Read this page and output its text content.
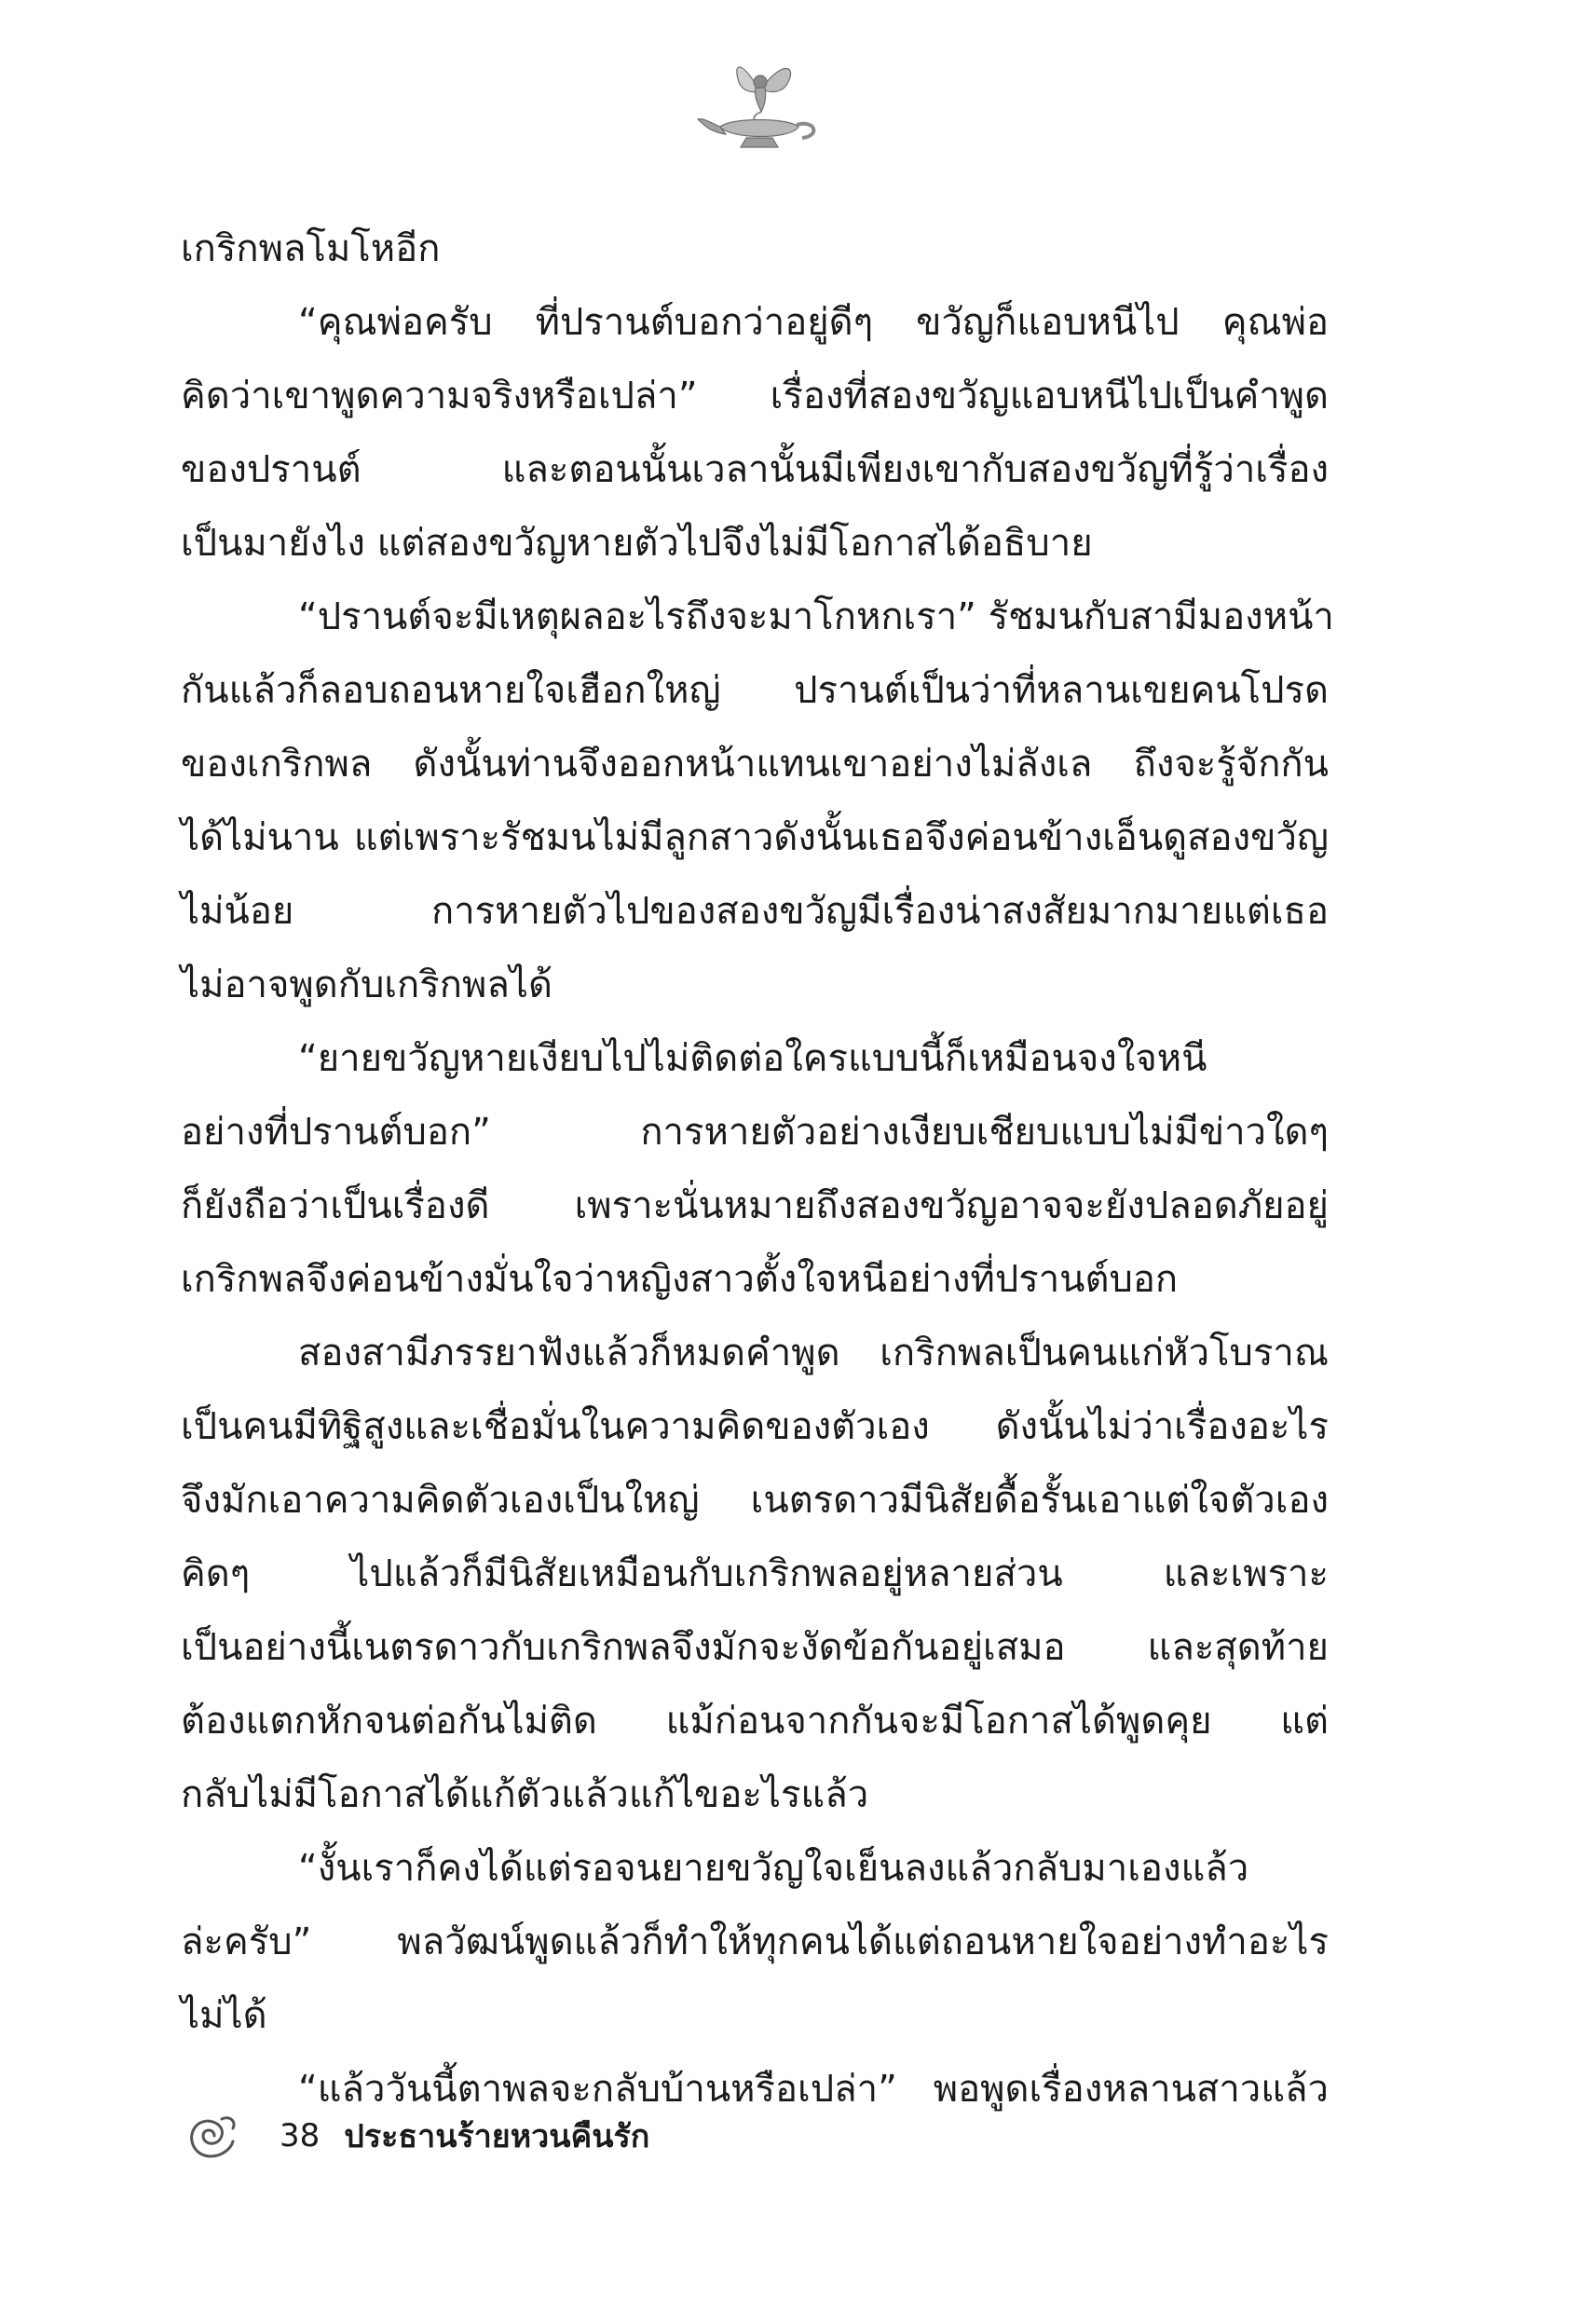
เกริกพลโมโหอีก
“คุณพ่อครับ ที่ปรานต์บอกว่าอยู่ดีๆ ขวัญก็แอบหนีไป คุณพ่อ
คิดว่าเขาพูดความจริงหรือเปล่า” เรื่องที่สองขวัญแอบหนีไปเป็นคำพูด
ของปรานต์ และตอนนั้นเวลานั้นมีเพียงเขากับสองขวัญที่รู้ว่าเรื่อง
เป็นมายังไง แต่สองขวัญหายตัวไปจึงไม่มีโอกาสได้อธิบาย
“ปรานต์จะมีเหตุผลอะไรถึงจะมาโกหกเรา” รัชมนกับสามีมองหน้า
กันแล้วก็ลอบถอนหายใจเฮือกใหญ่ ปรานต์เป็นว่าที่หลานเขยคนโปรด
ของเกริกพล ดังนั้นท่านจึงออกหน้าแทนเขาอย่างไม่ลังเล ถึงจะรู้จักกัน
ได้ไม่นาน แต่เพราะรัชมนไม่มีลูกสาวดังนั้นเธอจึงค่อนข้างเอ็นดูสองขวัญ
ไม่น้อย การหายตัวไปของสองขวัญมีเรื่องน่าสงสัยมากมายแต่เธอ
ไม่อาจพูดกับเกริกพลได้
“ยายขวัญหายเงียบไปไม่ติดต่อใครแบบนี้ก็เหมือนจงใจหนี
อย่างที่ปรานต์บอก” การหายตัวอย่างเงียบเชียบแบบไม่มีข่าวใดๆ
ก็ยังถือว่าเป็นเรื่องดี เพราะนั่นหมายถึงสองขวัญอาจจะยังปลอดภัยอยู่
เกริกพลจึงค่อนข้างมั่นใจว่าหญิงสาวตั้งใจหนีอย่างที่ปรานต์บอก
สองสามีภรรยาฟังแล้วก็หมดคำพูด เกริกพลเป็นคนแก่หัวโบราณ
เป็นคนมีทิฐิสูงและเชื่อมั่นในความคิดของตัวเอง ดังนั้นไม่ว่าเรื่องอะไร
จึงมักเอาความคิดตัวเองเป็นใหญ่ เนตรดาวมีนิสัยดื้อรั้นเอาแต่ใจตัวเอง
คิดๆ ไปแล้วก็มีนิสัยเหมือนกับเกริกพลอยู่หลายส่วน และเพราะ
เป็นอย่างนี้เนตรดาวกับเกริกพลจึงมักจะงัดข้อกันอยู่เสมอ และสุดท้าย
ต้องแตกหักจนต่อกันไม่ติด แม้ก่อนจากกันจะมีโอกาสได้พูดคุย แต่
กลับไม่มีโอกาสได้แก้ตัวแล้วแก้ไขอะไรแล้ว
“งั้นเราก็คงได้แต่รอจนยายขวัญใจเย็นลงแล้วกลับมาเองแล้ว
ล่ะครับ” พลวัฒน์พูดแล้วก็ทำให้ทุกคนได้แต่ถอนหายใจอย่างทำอะไร
ไม่ได้
“แล้ววันนี้ตาพลจะกลับบ้านหรือเปล่า” พอพูดเรื่องหลานสาวแล้ว
38 ประธานร้ายหวนคืนรัก
